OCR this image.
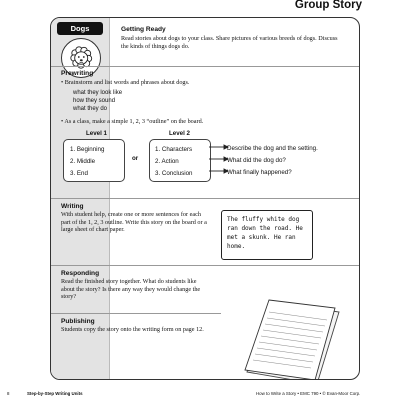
Group Story
Dogs	Getting Ready
Read stories about dogs to your class. Share pictures of various breeds of dogs. Discuss the kinds of things dogs do.
Prewriting
• Brainstorm and list words and phrases about dogs.
what they look like
how they sound
what they do
• As a class, make a simple 1, 2, 3 “outline” on the board.
Level 1
1. Beginning
2. Middle
3. End
or
Level 2
1. Characters
2. Action
3. Conclusion
Describe the dog and the setting.
What did the dog do?
What finally happened?
Writing
With student help, create one or more sentences for each part of the 1, 2, 3 outline. Write this story on the board or a large sheet of chart paper.
The fluffy white dog ran down the road. He met a skunk. He ran home.
Responding
Read the finished story together. What do students like about the story? Is there any way they would change the story?
Publishing
Students copy the story onto the writing form on page 12.
8	Step-by-Step Writing Units	How to Write a Story • EMC 790 • © Evan-Moor Corp.
